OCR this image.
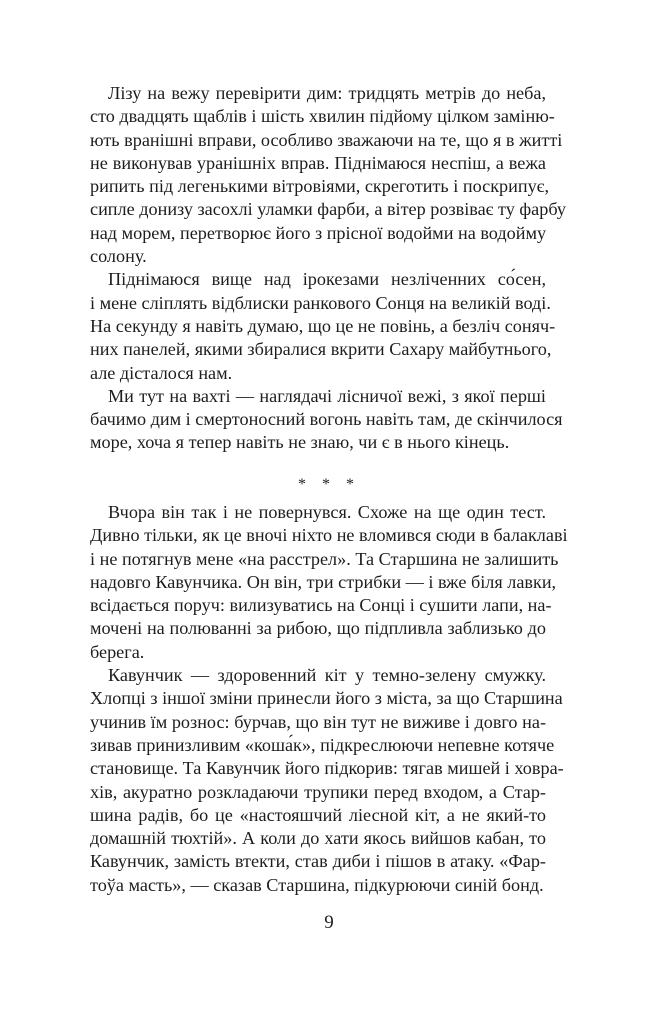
Лізу на вежу перевірити дим: тридцять метрів до неба,
сто двадцять щаблів і шість хвилин підйому цілком заміню-
ють вранішні вправи, особливо зважаючи на те, що я в житті
не виконував уранішніх вправ. Піднімаюся неспіш, а вежа
рипить під легенькими вітровіями, скреготить і поскрипує,
сипле донизу засохлі уламки фарби, а вітер розвіває ту фарбу
над морем, перетворює його з прісної водойми на водойму
солону.
Піднімаюся вище над ірокезами незліченних со́сен,
і мене сліплять відблиски ранкового Сонця на великій воді.
На секунду я навіть думаю, що це не повінь, а безліч соняч-
них панелей, якими збиралися вкрити Сахару майбутнього,
але дісталося нам.
Ми тут на вахті — наглядачі лісничої вежі, з якої перші
бачимо дим і смертоносний вогонь навіть там, де скінчилося
море, хоча я тепер навіть не знаю, чи є в нього кінець.
* * *
Вчора він так і не повернувся. Схоже на ще один тест.
Дивно тільки, як це вночі ніхто не вломився сюди в балаклаві
і не потягнув мене «на расстрел». Та Старшина не залишить
надовго Кавунчика. Он він, три стрибки — і вже біля лавки,
всідається поруч: вилизуватись на Сонці і сушити лапи, на-
мочені на полюванні за рибою, що підпливла заблизько до
берега.
Кавунчик — здоровенний кіт у темно-зелену смужку.
Хлопці з іншої зміни принесли його з міста, за що Старшина
учинив їм рознос: бурчав, що він тут не виживе і довго на-
зивав принизливим «коша́к», підкреслюючи непевне котяче
становище. Та Кавунчик його підкорив: тягав мишей і ховра-
хів, акуратно розкладаючи трупики перед входом, а Стар-
шина радів, бо це «настояшчий ліесной кіт, а не який-то
домашній тюхтій». А коли до хати якось вийшов кабан, то
Кавунчик, замість втекти, став диби і пішов в атаку. «Фар-
тоўа масть», — сказав Старшина, підкурюючи синій бонд.
9
